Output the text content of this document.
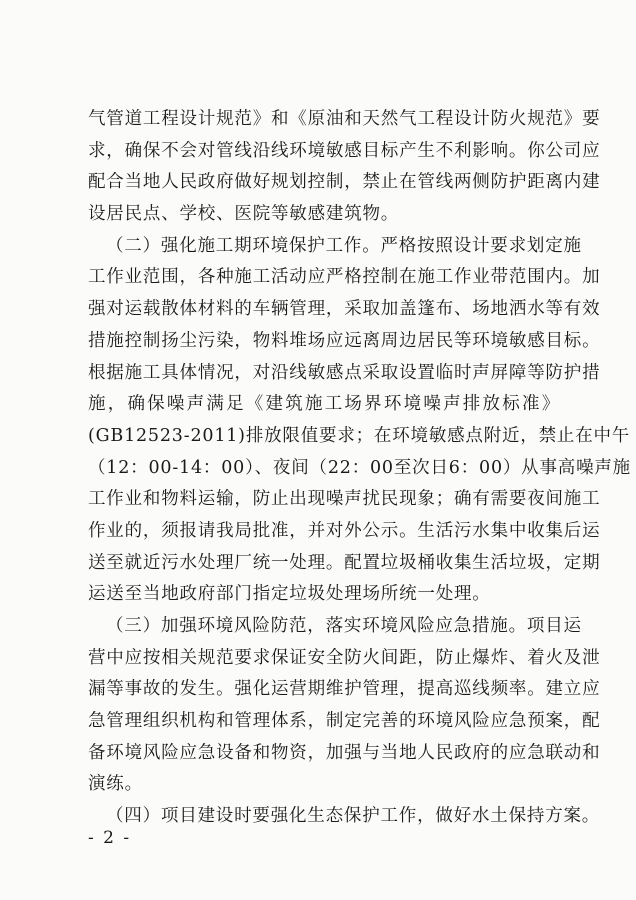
气管道工程设计规范》和《原油和天然气工程设计防火规范》要
求，确保不会对管线沿线环境敏感目标产生不利影响。你公司应
配合当地人民政府做好规划控制，禁止在管线两侧防护距离内建
设居民点、学校、医院等敏感建筑物。
（二）强化施工期环境保护工作。严格按照设计要求划定施
工作业范围，各种施工活动应严格控制在施工作业带范围内。加
强对运载散体材料的车辆管理，采取加盖篷布、场地洒水等有效
措施控制扬尘污染，物料堆场应远离周边居民等环境敏感目标。
根据施工具体情况，对沿线敏感点采取设置临时声屏障等防护措
施，确保噪声满足《建筑施工场界环境噪声排放标准》
(GB12523-2011)排放限值要求；在环境敏感点附近，禁止在中午
（12：00-14：00）、夜间（22：00至次日6：00）从事高噪声施
工作业和物料运输，防止出现噪声扰民现象；确有需要夜间施工
作业的，须报请我局批准，并对外公示。生活污水集中收集后运
送至就近污水处理厂统一处理。配置垃圾桶收集生活垃圾，定期
运送至当地政府部门指定垃圾处理场所统一处理。
（三）加强环境风险防范，落实环境风险应急措施。项目运
营中应按相关规范要求保证安全防火间距，防止爆炸、着火及泄
漏等事故的发生。强化运营期维护管理，提高巡线频率。建立应
急管理组织机构和管理体系，制定完善的环境风险应急预案，配
备环境风险应急设备和物资，加强与当地人民政府的应急联动和
演练。
（四）项目建设时要强化生态保护工作，做好水土保持方案。
- 2 -
